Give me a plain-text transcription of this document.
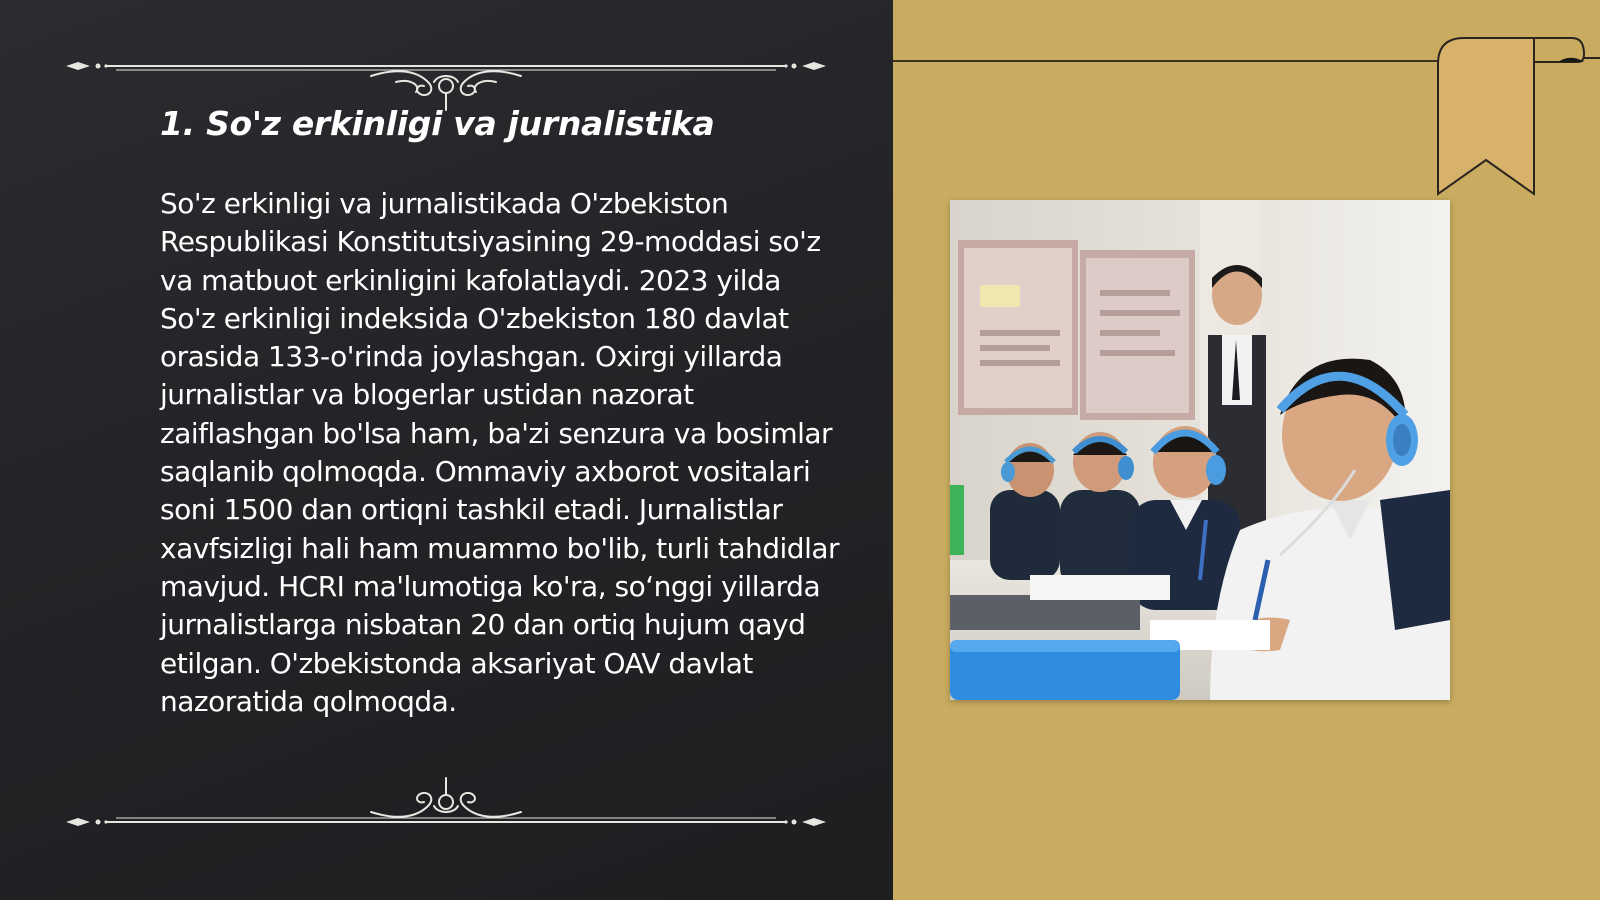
1. So'z erkinligi va jurnalistika

So'z erkinligi va jurnalistikada O'zbekiston Respublikasi Konstitutsiyasining 29-moddasi so'z va matbuot erkinligini kafolatlaydi. 2023 yilda So'z erkinligi indeksida O'zbekiston 180 davlat orasida 133-o'rinda joylashgan. Oxirgi yillarda jurnalistlar va blogerlar ustidan nazorat zaiflashgan bo'lsa ham, ba'zi senzura va bosimlar saqlanib qolmoqda. Ommaviy axborot vositalari soni 1500 dan ortiqni tashkil etadi. Jurnalistlar xavfsizligi hali ham muammo bo'lib, turli tahdidlar mavjud. HCRI ma'lumotiga ko'ra, so‘nggi yillarda jurnalistlarga nisbatan 20 dan ortiq hujum qayd etilgan. O'zbekistonda aksariyat OAV davlat nazoratida qolmoqda.
